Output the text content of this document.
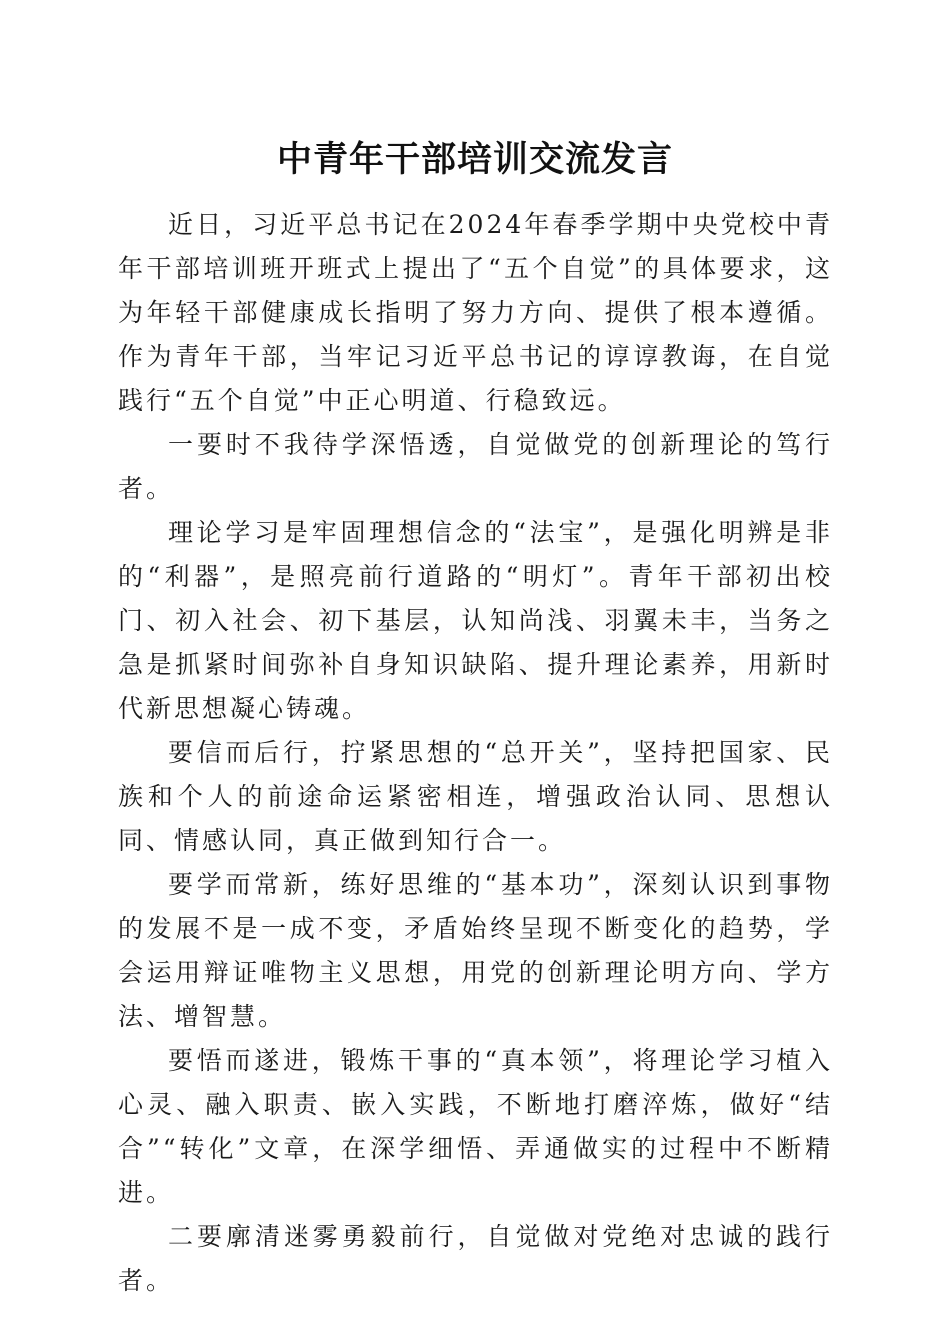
中青年干部培训交流发言

近日，习近平总书记在2024年春季学期中央党校中青年干部培训班开班式上提出了“五个自觉”的具体要求，这为年轻干部健康成长指明了努力方向、提供了根本遵循。作为青年干部，当牢记习近平总书记的谆谆教诲，在自觉践行“五个自觉”中正心明道、行稳致远。

一要时不我待学深悟透，自觉做党的创新理论的笃行者。

理论学习是牢固理想信念的“法宝”，是强化明辨是非的“利器”，是照亮前行道路的“明灯”。青年干部初出校门、初入社会、初下基层，认知尚浅、羽翼未丰，当务之急是抓紧时间弥补自身知识缺陷、提升理论素养，用新时代新思想凝心铸魂。

要信而后行，拧紧思想的“总开关”，坚持把国家、民族和个人的前途命运紧密相连，增强政治认同、思想认同、情感认同，真正做到知行合一。

要学而常新，练好思维的“基本功”，深刻认识到事物的发展不是一成不变，矛盾始终呈现不断变化的趋势，学会运用辩证唯物主义思想，用党的创新理论明方向、学方法、增智慧。

要悟而遂进，锻炼干事的“真本领”，将理论学习植入心灵、融入职责、嵌入实践，不断地打磨淬炼，做好“结合”“转化”文章，在深学细悟、弄通做实的过程中不断精进。

二要廓清迷雾勇毅前行，自觉做对党绝对忠诚的践行者。
